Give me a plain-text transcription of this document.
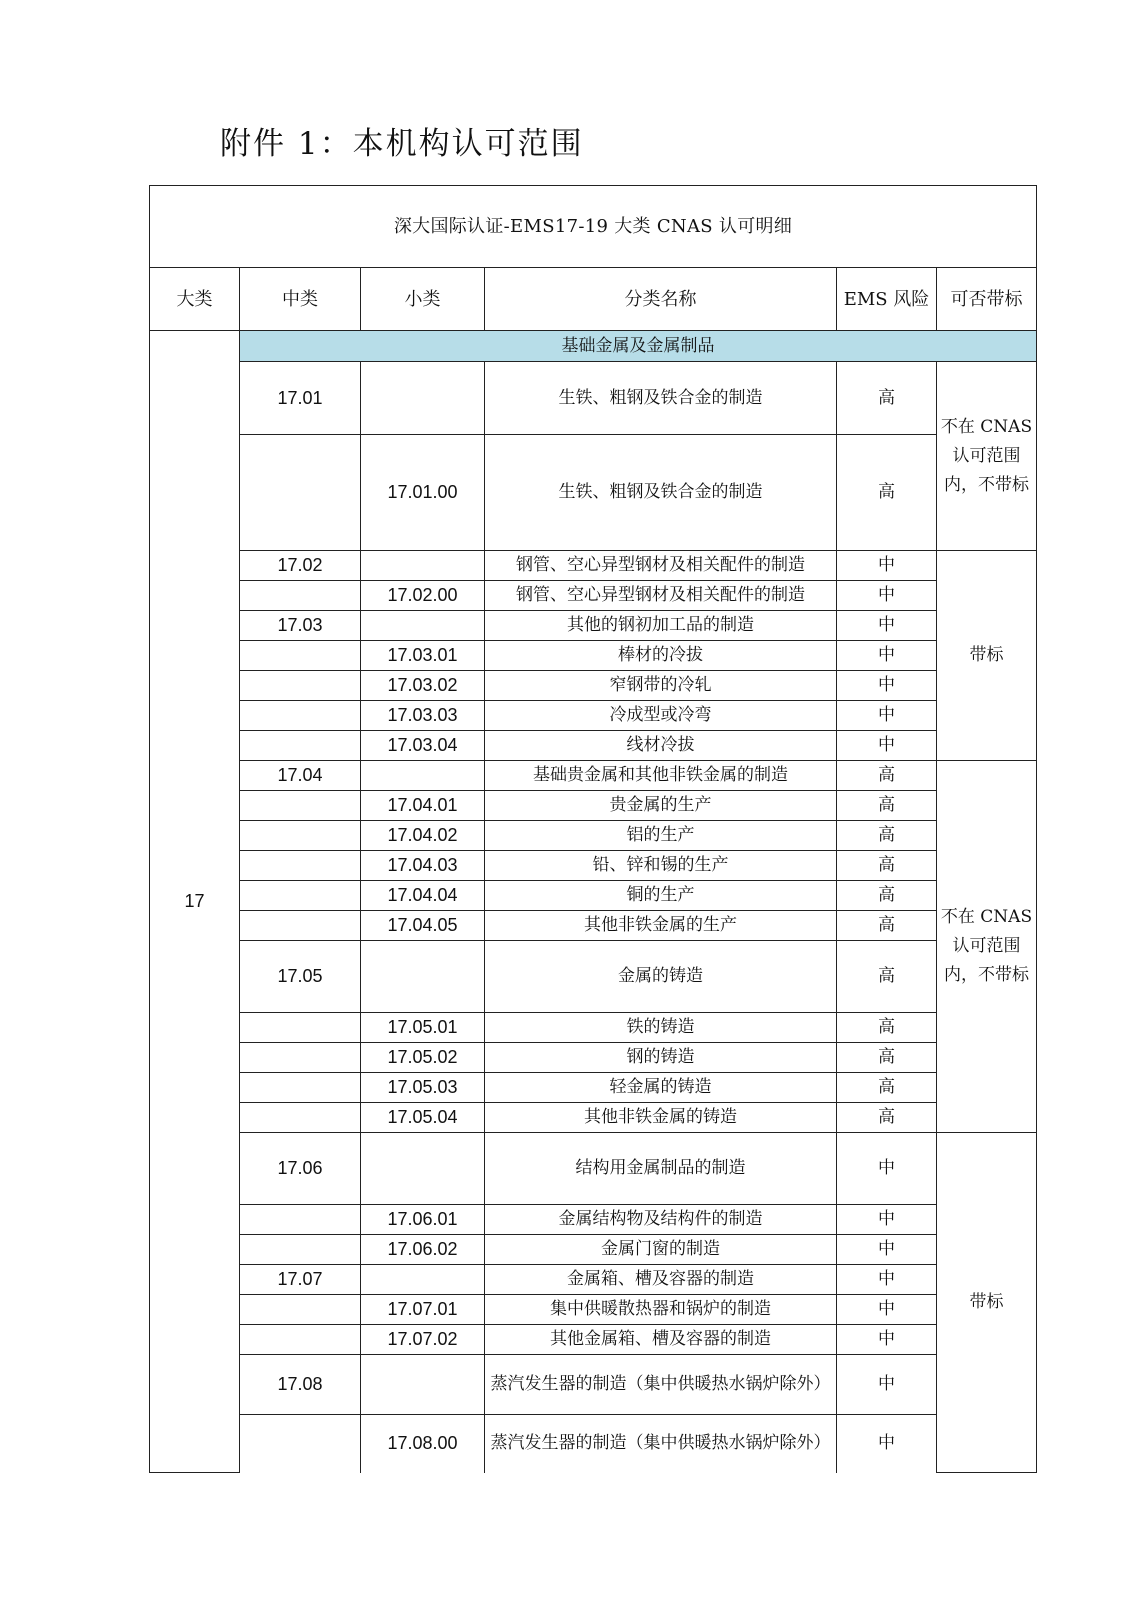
附件 1：本机构认可范围
深大国际认证-EMS17-19 大类 CNAS 认可明细					
大类	中类	小类	分类名称	EMS 风险	可否带标
17	基础金属及金属制品				
	17.01		生铁、粗钢及铁合金的制造	高	不在 CNAS 认可范围内，不带标
		17.01.00	生铁、粗钢及铁合金的制造	高	
	17.02		钢管、空心异型钢材及相关配件的制造	中	带标
		17.02.00	钢管、空心异型钢材及相关配件的制造	中	
	17.03		其他的钢初加工品的制造	中	
		17.03.01	棒材的冷拔	中	
		17.03.02	窄钢带的冷轧	中	
		17.03.03	冷成型或冷弯	中	
		17.03.04	线材冷拔	中	
	17.04		基础贵金属和其他非铁金属的制造	高	不在 CNAS 认可范围内，不带标
		17.04.01	贵金属的生产	高	
		17.04.02	铝的生产	高	
		17.04.03	铅、锌和锡的生产	高	
		17.04.04	铜的生产	高	
		17.04.05	其他非铁金属的生产	高	
	17.05		金属的铸造	高	
		17.05.01	铁的铸造	高	
		17.05.02	钢的铸造	高	
		17.05.03	轻金属的铸造	高	
		17.05.04	其他非铁金属的铸造	高	
	17.06		结构用金属制品的制造	中	带标
		17.06.01	金属结构物及结构件的制造	中	
		17.06.02	金属门窗的制造	中	
	17.07		金属箱、槽及容器的制造	中	
		17.07.01	集中供暖散热器和锅炉的制造	中	
		17.07.02	其他金属箱、槽及容器的制造	中	
	17.08		蒸汽发生器的制造（集中供暖热水锅炉除外）	中	
		17.08.00	蒸汽发生器的制造（集中供暖热水锅炉除外）	中	
